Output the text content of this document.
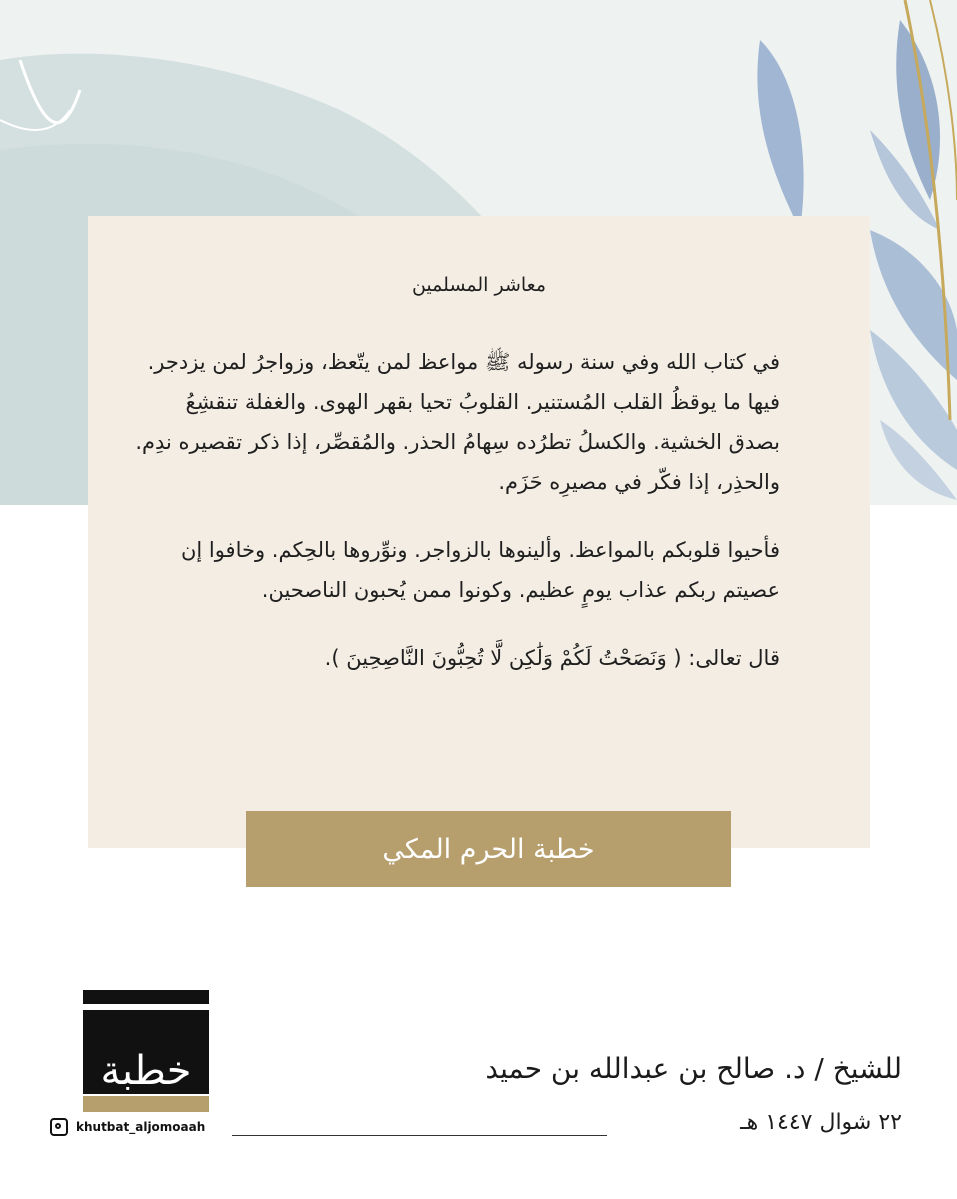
معاشر المسلمين

في كتاب الله وفي سنة رسوله ﷺ مواعظ لمن يتّعظ، وزواجرُ لمن يزدجر. فيها ما يوقظُ القلب المُستنير. القلوبُ تحيا بقهر الهوى. والغفلة تنقشِعُ بصدق الخشية. والكسلُ تطرُده سِهامُ الحذر. والمُقصِّر، إذا ذكر تقصيره ندِم. والحذِر، إذا فكّر في مصيرِه حَزَم.

فأحيوا قلوبكم بالمواعظ. وألينوها بالزواجر. ونوِّروها بالحِكم. وخافوا إن عصيتم ربكم عذاب يومٍ عظيم. وكونوا ممن يُحبون الناصحين.

قال تعالى: ( وَنَصَحْتُ لَكُمْ وَلَٰكِن لَّا تُحِبُّونَ النَّاصِحِينَ ).

خطبة الحرم المكي
خطبة
khutbat_aljomoaah
للشيخ / د. صالح بن عبدالله بن حميد
٢٢ شوال ١٤٤٧ هـ
